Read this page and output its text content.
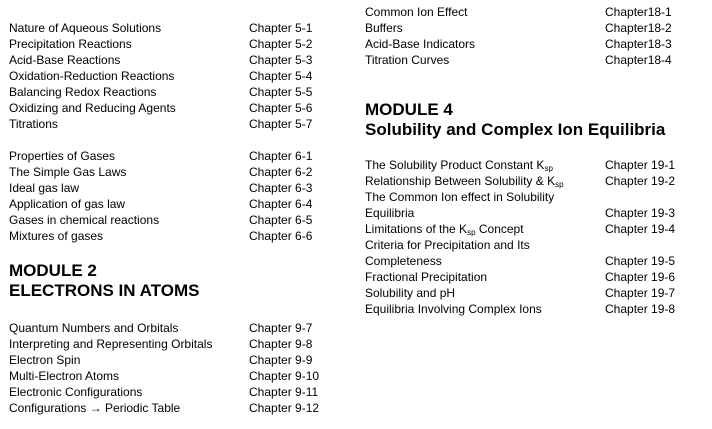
Nature of Aqueous Solutions	Chapter 5-1
Precipitation Reactions	Chapter 5-2
Acid-Base Reactions	Chapter 5-3
Oxidation-Reduction Reactions	Chapter 5-4
Balancing Redox Reactions	Chapter 5-5
Oxidizing and Reducing Agents	Chapter 5-6
Titrations	Chapter 5-7
Properties of Gases	Chapter 6-1
The Simple Gas Laws	Chapter 6-2
Ideal gas law	Chapter 6-3
Application of gas law	Chapter 6-4
Gases in chemical reactions	Chapter 6-5
Mixtures of gases	Chapter 6-6
MODULE 2
ELECTRONS IN ATOMS
Quantum Numbers and Orbitals	Chapter 9-7
Interpreting and Representing Orbitals	Chapter 9-8
Electron Spin	Chapter 9-9
Multi-Electron Atoms	Chapter 9-10
Electronic Configurations	Chapter 9-11
Configurations → Periodic Table	Chapter 9-12
Common Ion Effect	Chapter18-1
Buffers	Chapter18-2
Acid-Base Indicators	Chapter18-3
Titration Curves	Chapter18-4
MODULE 4
Solubility and Complex Ion Equilibria
The Solubility Product Constant $K_{sp}$	Chapter 19-1
Relationship Between Solubility & $K_{sp}$	Chapter 19-2
The Common Ion effect in Solubility
Equilibria	Chapter 19-3
Limitations of the $K_{sp}$ Concept	Chapter 19-4
Criteria for Precipitation and Its
Completeness	Chapter 19-5
Fractional Precipitation	Chapter 19-6
Solubility and pH	Chapter 19-7
Equilibria Involving Complex Ions	Chapter 19-8
